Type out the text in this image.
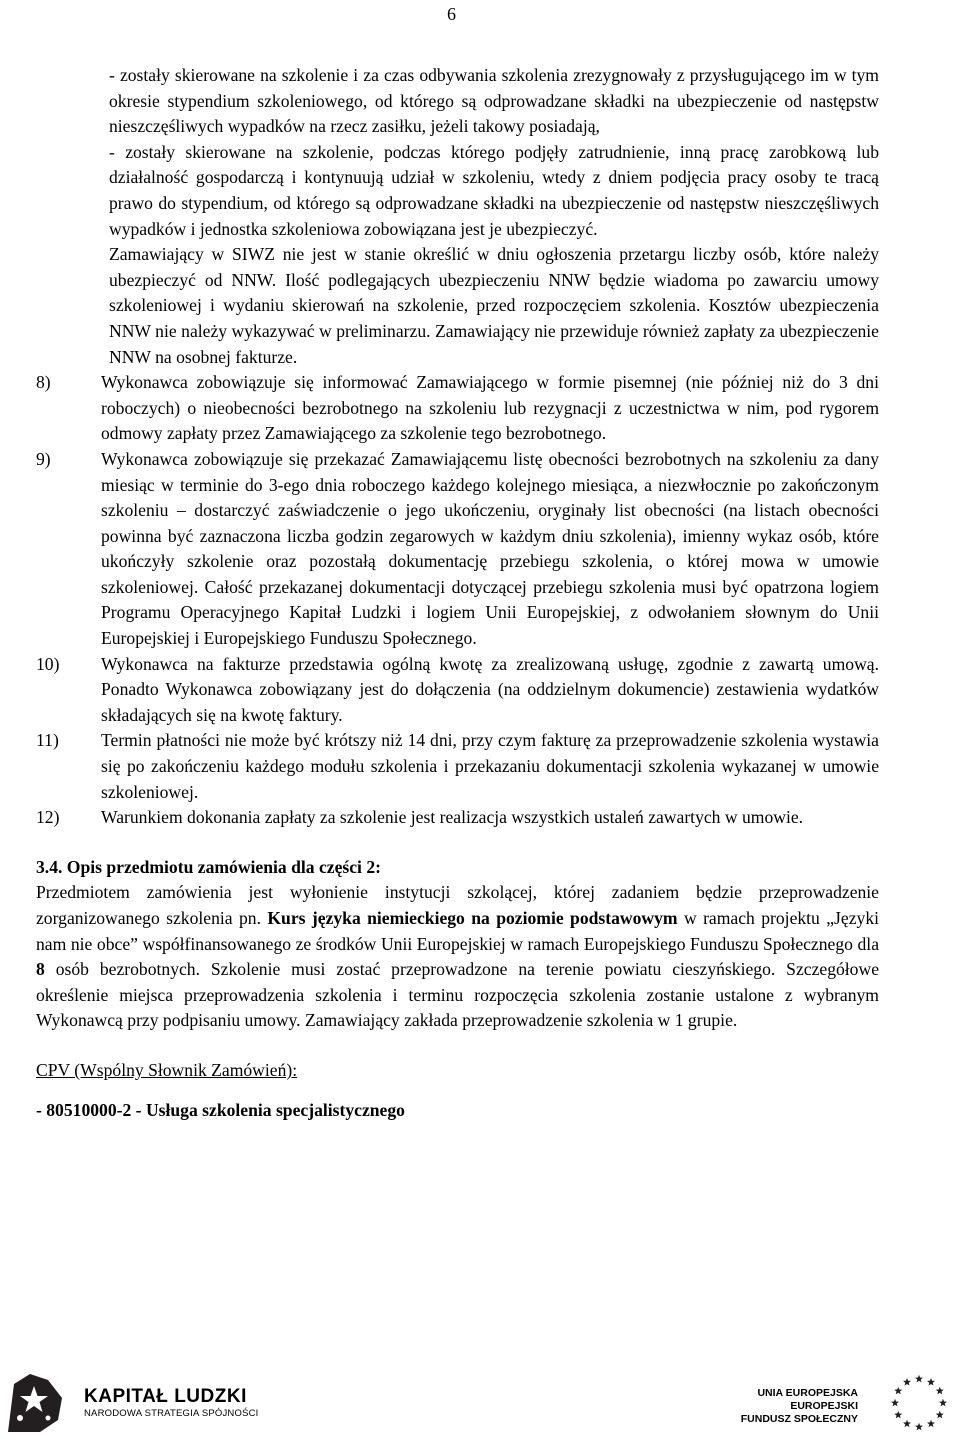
6
- zostały skierowane na szkolenie i za czas odbywania szkolenia zrezygnowały z przysługującego im w tym okresie stypendium szkoleniowego, od którego są odprowadzane składki na ubezpieczenie od następstw nieszczęśliwych wypadków na rzecz zasiłku, jeżeli takowy posiadają,
- zostały skierowane na szkolenie, podczas którego podjęły zatrudnienie, inną pracę zarobkową lub działalność gospodarczą i kontynuują udział w szkoleniu, wtedy z dniem podjęcia pracy osoby te tracą prawo do stypendium, od którego są odprowadzane składki na ubezpieczenie od następstw nieszczęśliwych wypadków i jednostka szkoleniowa zobowiązana jest je ubezpieczyć.
Zamawiający w SIWZ nie jest w stanie określić w dniu ogłoszenia przetargu liczby osób, które należy ubezpieczyć od NNW. Ilość podlegających ubezpieczeniu NNW będzie wiadoma po zawarciu umowy szkoleniowej i wydaniu skierowań na szkolenie, przed rozpoczęciem szkolenia. Kosztów ubezpieczenia NNW nie należy wykazywać w preliminarzu. Zamawiający nie przewiduje również zapłaty za ubezpieczenie NNW na osobnej fakturze.
8)	Wykonawca zobowiązuje się informować Zamawiającego w formie pisemnej (nie później niż do 3 dni roboczych) o nieobecności bezrobotnego na szkoleniu lub rezygnacji z uczestnictwa w nim, pod rygorem odmowy zapłaty przez Zamawiającego za szkolenie tego bezrobotnego.
9)	Wykonawca zobowiązuje się przekazać Zamawiającemu listę obecności bezrobotnych na szkoleniu za dany miesiąc w terminie do 3-ego dnia roboczego każdego kolejnego miesiąca, a niezwłocznie po zakończonym szkoleniu – dostarczyć zaświadczenie o jego ukończeniu, oryginały list obecności (na listach obecności powinna być zaznaczona liczba godzin zegarowych w każdym dniu szkolenia), imienny wykaz osób, które ukończyły szkolenie oraz pozostałą dokumentację przebiegu szkolenia, o której mowa w umowie szkoleniowej. Całość przekazanej dokumentacji dotyczącej przebiegu szkolenia musi być opatrzona logiem Programu Operacyjnego Kapitał Ludzki i logiem Unii Europejskiej, z odwołaniem słownym do Unii Europejskiej i Europejskiego Funduszu Społecznego.
10) Wykonawca na fakturze przedstawia ogólną kwotę za zrealizowaną usługę, zgodnie z zawartą umową. Ponadto Wykonawca zobowiązany jest do dołączenia (na oddzielnym dokumencie) zestawienia wydatków składających się na kwotę faktury.
11) Termin płatności nie może być krótszy niż 14 dni, przy czym fakturę za przeprowadzenie szkolenia wystawia się po zakończeniu każdego modułu szkolenia i przekazaniu dokumentacji szkolenia wykazanej w umowie szkoleniowej.
12) Warunkiem dokonania zapłaty za szkolenie jest realizacja wszystkich ustaleń zawartych w umowie.
3.4. Opis przedmiotu zamówienia dla części 2:
Przedmiotem zamówienia jest wyłonienie instytucji szkolącej, której zadaniem będzie przeprowadzenie zorganizowanego szkolenia pn. Kurs języka niemieckiego na poziomie podstawowym w ramach projektu „Języki nam nie obce” współfinansowanego ze środków Unii Europejskiej w ramach Europejskiego Funduszu Społecznego dla 8 osób bezrobotnych. Szkolenie musi zostać przeprowadzone na terenie powiatu cieszyńskiego. Szczegółowe określenie miejsca przeprowadzenia szkolenia i terminu rozpoczęcia szkolenia zostanie ustalone z wybranym Wykonawcą przy podpisaniu umowy. Zamawiający zakłada przeprowadzenie szkolenia w 1 grupie.
CPV (Wspólny Słownik Zamówień):
- 80510000-2 - Usługa szkolenia specjalistycznego
KAPITAŁ LUDZKI
NARODOWA STRATEGIA SPÓJNOŚCI
UNIA EUROPEJSKA
EUROPEJSKI
FUNDUSZ SPOŁECZNY
